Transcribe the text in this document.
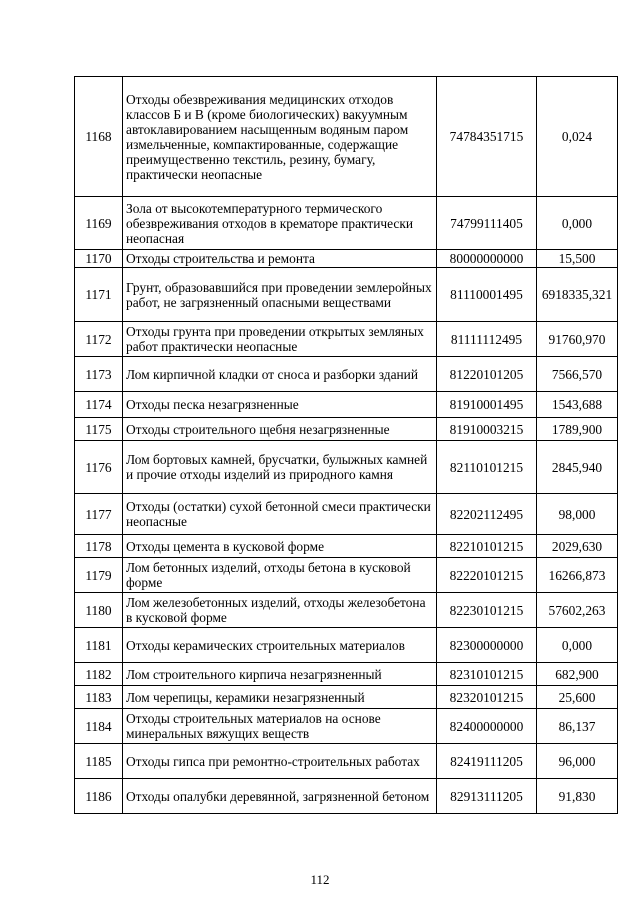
1168	Отходы обезвреживания медицинских отходов классов Б и В (кроме биологических) вакуумным автоклавированием насыщенным водяным паром измельченные, компактированные, содержащие преимущественно текстиль, резину, бумагу, практически неопасные	74784351715	0,024
1169	Зола от высокотемпературного термического обезвреживания отходов в крематоре практически неопасная	74799111405	0,000
1170	Отходы строительства и ремонта	80000000000	15,500
1171	Грунт, образовавшийся при проведении землеройных работ, не загрязненный опасными веществами	81110001495	6918335,321
1172	Отходы грунта при проведении открытых земляных работ практически неопасные	81111112495	91760,970
1173	Лом кирпичной кладки от сноса и разборки зданий	81220101205	7566,570
1174	Отходы песка незагрязненные	81910001495	1543,688
1175	Отходы строительного щебня незагрязненные	81910003215	1789,900
1176	Лом бортовых камней, брусчатки, булыжных камней и прочие отходы изделий из природного камня	82110101215	2845,940
1177	Отходы (остатки) сухой бетонной смеси практически неопасные	82202112495	98,000
1178	Отходы цемента в кусковой форме	82210101215	2029,630
1179	Лом бетонных изделий, отходы бетона в кусковой форме	82220101215	16266,873
1180	Лом железобетонных изделий, отходы железобетона в кусковой форме	82230101215	57602,263
1181	Отходы керамических строительных материалов	82300000000	0,000
1182	Лом строительного кирпича незагрязненный	82310101215	682,900
1183	Лом черепицы, керамики незагрязненный	82320101215	25,600
1184	Отходы строительных материалов на основе минеральных вяжущих веществ	82400000000	86,137
1185	Отходы гипса при ремонтно-строительных работах	82419111205	96,000
1186	Отходы опалубки деревянной, загрязненной бетоном	82913111205	91,830
112
